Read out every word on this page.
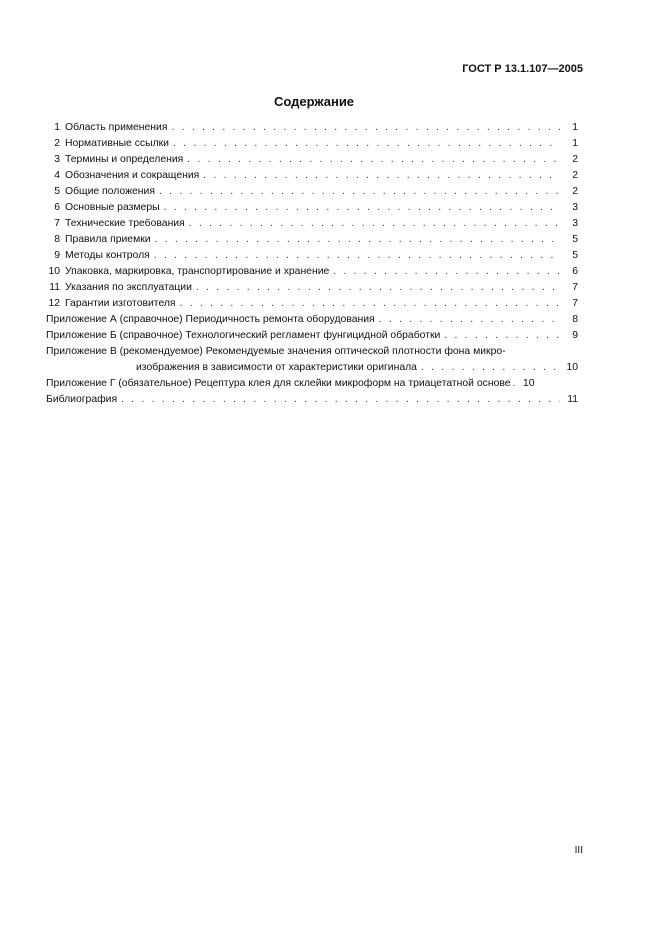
ГОСТ Р 13.1.107—2005
Содержание
1 Область применения . . .	1
2 Нормативные ссылки . . .	1
3 Термины и определения . . .	2
4 Обозначения и сокращения . . .	2
5 Общие положения . . .	2
6 Основные размеры . . .	3
7 Технические требования . . .	3
8 Правила приемки . . .	5
9 Методы контроля . . .	5
10 Упаковка, маркировка, транспортирование и хранение . . .	6
11 Указания по эксплуатации . . .	7
12 Гарантии изготовителя . . .	7
Приложение А (справочное) Периодичность ремонта оборудования . . .	8
Приложение Б (справочное) Технологический регламент фунгицидной обработки . . .	9
Приложение В (рекомендуемое) Рекомендуемые значения оптической плотности фона микро-
изображения в зависимости от характеристики оригинала . . .	10
Приложение Г (обязательное) Рецептура клея для склейки микроформ на триацетатной основе . . . 10
Библиография . . .	11
III
